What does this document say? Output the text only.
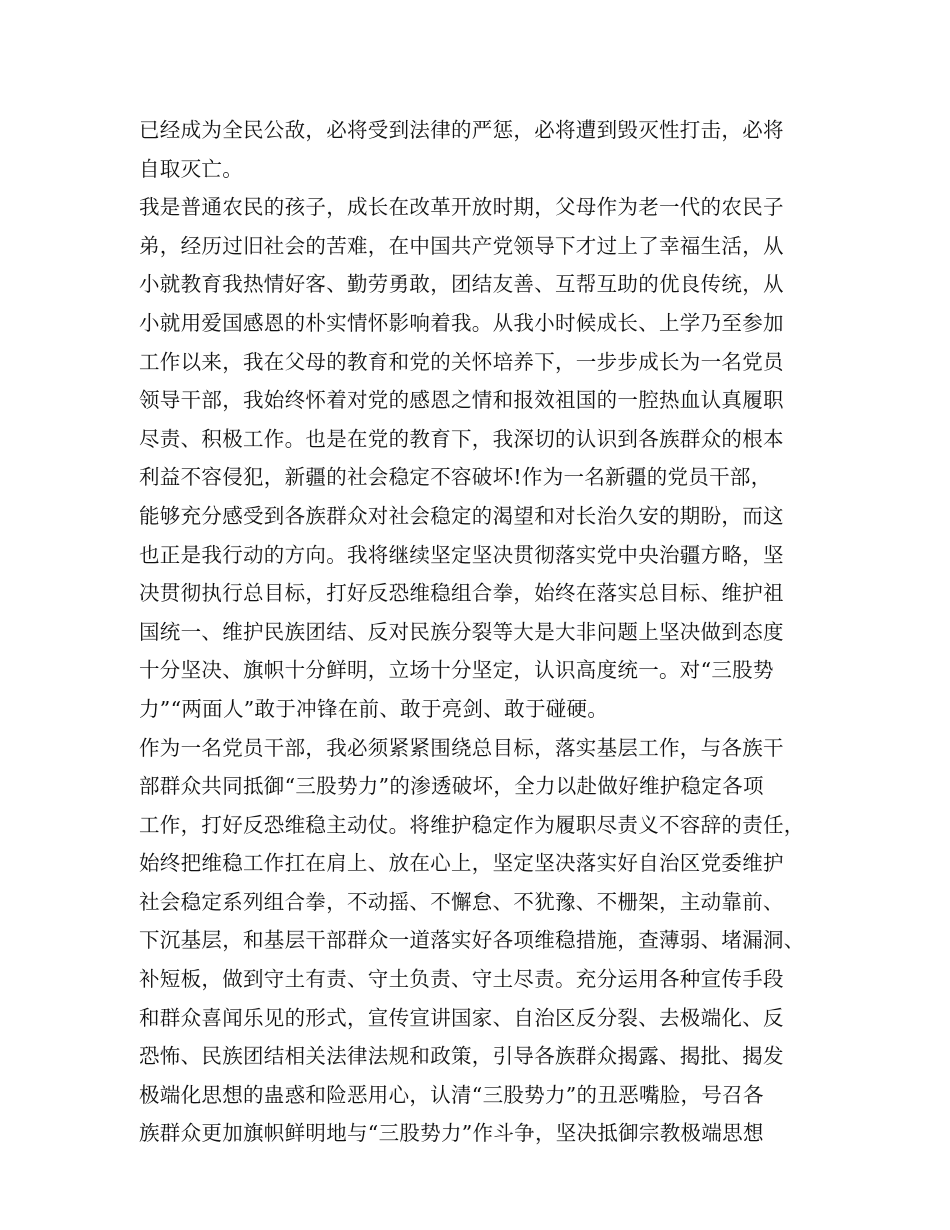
已经成为全民公敌，必将受到法律的严惩，必将遭到毁灭性打击，必将
自取灭亡。
我是普通农民的孩子，成长在改革开放时期，父母作为老一代的农民子
弟，经历过旧社会的苦难，在中国共产党领导下才过上了幸福生活，从
小就教育我热情好客、勤劳勇敢，团结友善、互帮互助的优良传统，从
小就用爱国感恩的朴实情怀影响着我。从我小时候成长、上学乃至参加
工作以来，我在父母的教育和党的关怀培养下，一步步成长为一名党员
领导干部，我始终怀着对党的感恩之情和报效祖国的一腔热血认真履职
尽责、积极工作。也是在党的教育下，我深切的认识到各族群众的根本
利益不容侵犯，新疆的社会稳定不容破坏!作为一名新疆的党员干部，
能够充分感受到各族群众对社会稳定的渴望和对长治久安的期盼，而这
也正是我行动的方向。我将继续坚定坚决贯彻落实党中央治疆方略，坚
决贯彻执行总目标，打好反恐维稳组合拳，始终在落实总目标、维护祖
国统一、维护民族团结、反对民族分裂等大是大非问题上坚决做到态度
十分坚决、旗帜十分鲜明，立场十分坚定，认识高度统一。对“三股势
力”“两面人”敢于冲锋在前、敢于亮剑、敢于碰硬。
作为一名党员干部，我必须紧紧围绕总目标，落实基层工作，与各族干
部群众共同抵御“三股势力”的渗透破坏，全力以赴做好维护稳定各项
工作，打好反恐维稳主动仗。将维护稳定作为履职尽责义不容辞的责任，
始终把维稳工作扛在肩上、放在心上，坚定坚决落实好自治区党委维护
社会稳定系列组合拳，不动摇、不懈怠、不犹豫、不栅架，主动靠前、
下沉基层，和基层干部群众一道落实好各项维稳措施，查薄弱、堵漏洞、
补短板，做到守土有责、守土负责、守土尽责。充分运用各种宣传手段
和群众喜闻乐见的形式，宣传宣讲国家、自治区反分裂、去极端化、反
恐怖、民族团结相关法律法规和政策，引导各族群众揭露、揭批、揭发
极端化思想的蛊惑和险恶用心，认清“三股势力”的丑恶嘴脸，号召各
族群众更加旗帜鲜明地与“三股势力”作斗争，坚决抵御宗教极端思想
